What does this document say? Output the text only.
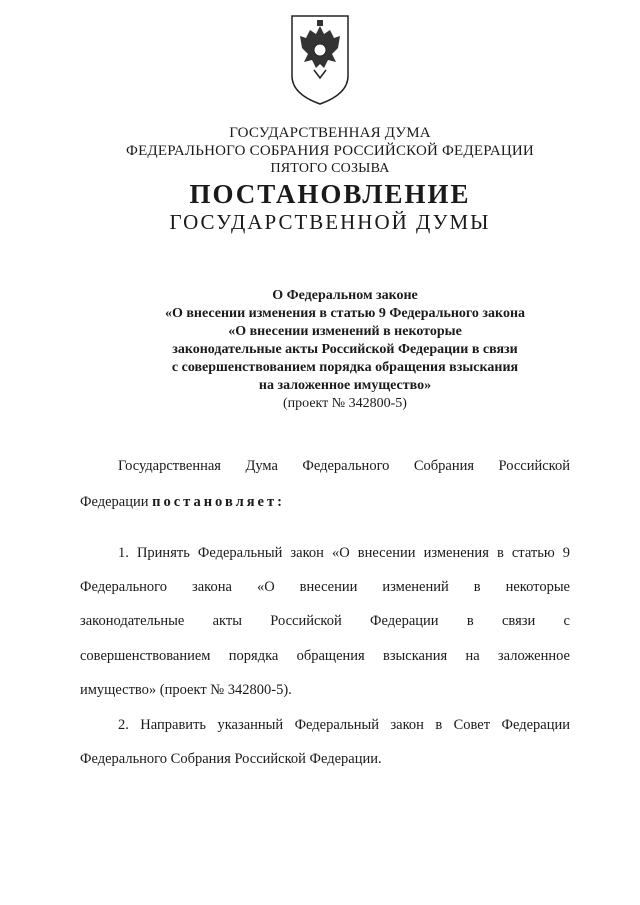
ГОСУДАРСТВЕННАЯ ДУМА
ФЕДЕРАЛЬНОГО СОБРАНИЯ РОССИЙСКОЙ ФЕДЕРАЦИИ
ПЯТОГО СОЗЫВА
ПОСТАНОВЛЕНИЕ
ГОСУДАРСТВЕННОЙ ДУМЫ
О Федеральном законе
«О внесении изменения в статью 9 Федерального закона
«О внесении изменений в некоторые
законодательные акты Российской Федерации в связи
с совершенствованием порядка обращения взыскания
на заложенное имущество»
(проект № 342800-5)
Государственная Дума Федерального Собрания Российской
Федерации постановляет:
1. Принять Федеральный закон «О внесении изменения в статью 9
Федерального закона «О внесении изменений в некоторые
законодательные акты Российской Федерации в связи с
совершенствованием порядка обращения взыскания на заложенное
имущество» (проект № 342800-5).
2. Направить указанный Федеральный закон в Совет Федерации
Федерального Собрания Российской Федерации.
